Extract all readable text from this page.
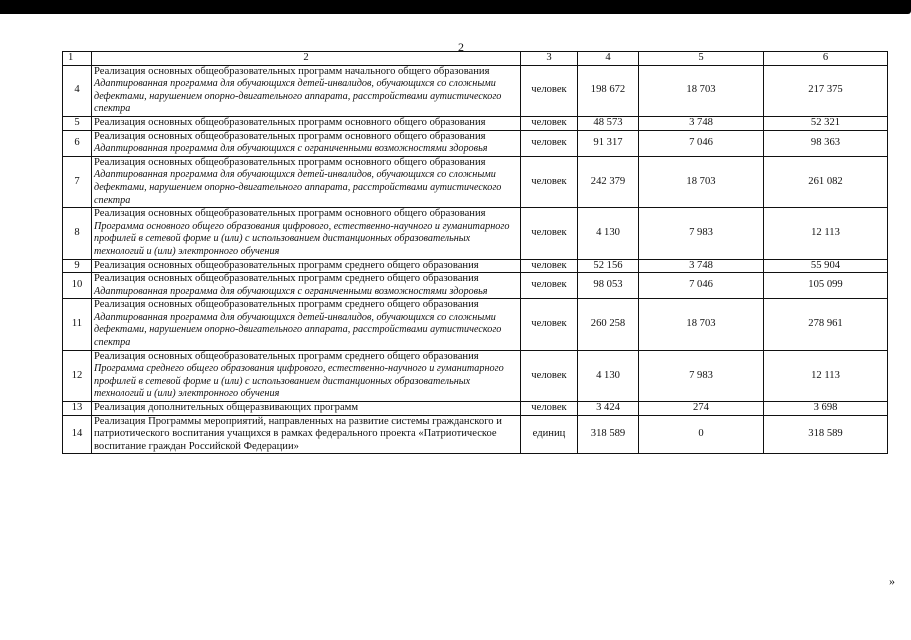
2
1	2	3	4	5	6
4	Реализация основных общеобразовательных программ начального общего образования Адаптированная программа для обучающихся детей-инвалидов, обучающихся со сложными дефектами, нарушением опорно-двигательного аппарата, расстройствами аутистического спектра	человек	198 672	18 703	217 375
5	Реализация основных общеобразовательных программ основного общего образования	человек	48 573	3 748	52 321
6	Реализация основных общеобразовательных программ основного общего образования Адаптированная программа для обучающихся с ограниченными возможностями здоровья	человек	91 317	7 046	98 363
7	Реализация основных общеобразовательных программ основного общего образования Адаптированная программа для обучающихся детей-инвалидов, обучающихся со сложными дефектами, нарушением опорно-двигательного аппарата, расстройствами аутистического спектра	человек	242 379	18 703	261 082
8	Реализация основных общеобразовательных программ основного общего образования Программа основного общего образования цифрового, естественно-научного и гуманитарного профилей в сетевой форме и (или) с использованием дистанционных образовательных технологий и (или) электронного обучения	человек	4 130	7 983	12 113
9	Реализация основных общеобразовательных программ среднего общего образования	человек	52 156	3 748	55 904
10	Реализация основных общеобразовательных программ среднего общего образования Адаптированная программа для обучающихся с ограниченными возможностями здоровья	человек	98 053	7 046	105 099
11	Реализация основных общеобразовательных программ среднего общего образования Адаптированная программа для обучающихся детей-инвалидов, обучающихся со сложными дефектами, нарушением опорно-двигательного аппарата, расстройствами аутистического спектра	человек	260 258	18 703	278 961
12	Реализация основных общеобразовательных программ среднего общего образования Программа среднего общего образования цифрового, естественно-научного и гуманитарного профилей в сетевой форме и (или) с использованием дистанционных образовательных технологий и (или) электронного обучения	человек	4 130	7 983	12 113
13	Реализация дополнительных общеразвивающих программ	человек	3 424	274	3 698
14	Реализация Программы мероприятий, направленных на развитие системы гражданского и патриотического воспитания учащихся в рамках федерального проекта «Патриотическое воспитание граждан Российской Федерации»	единиц	318 589	0	318 589
»
